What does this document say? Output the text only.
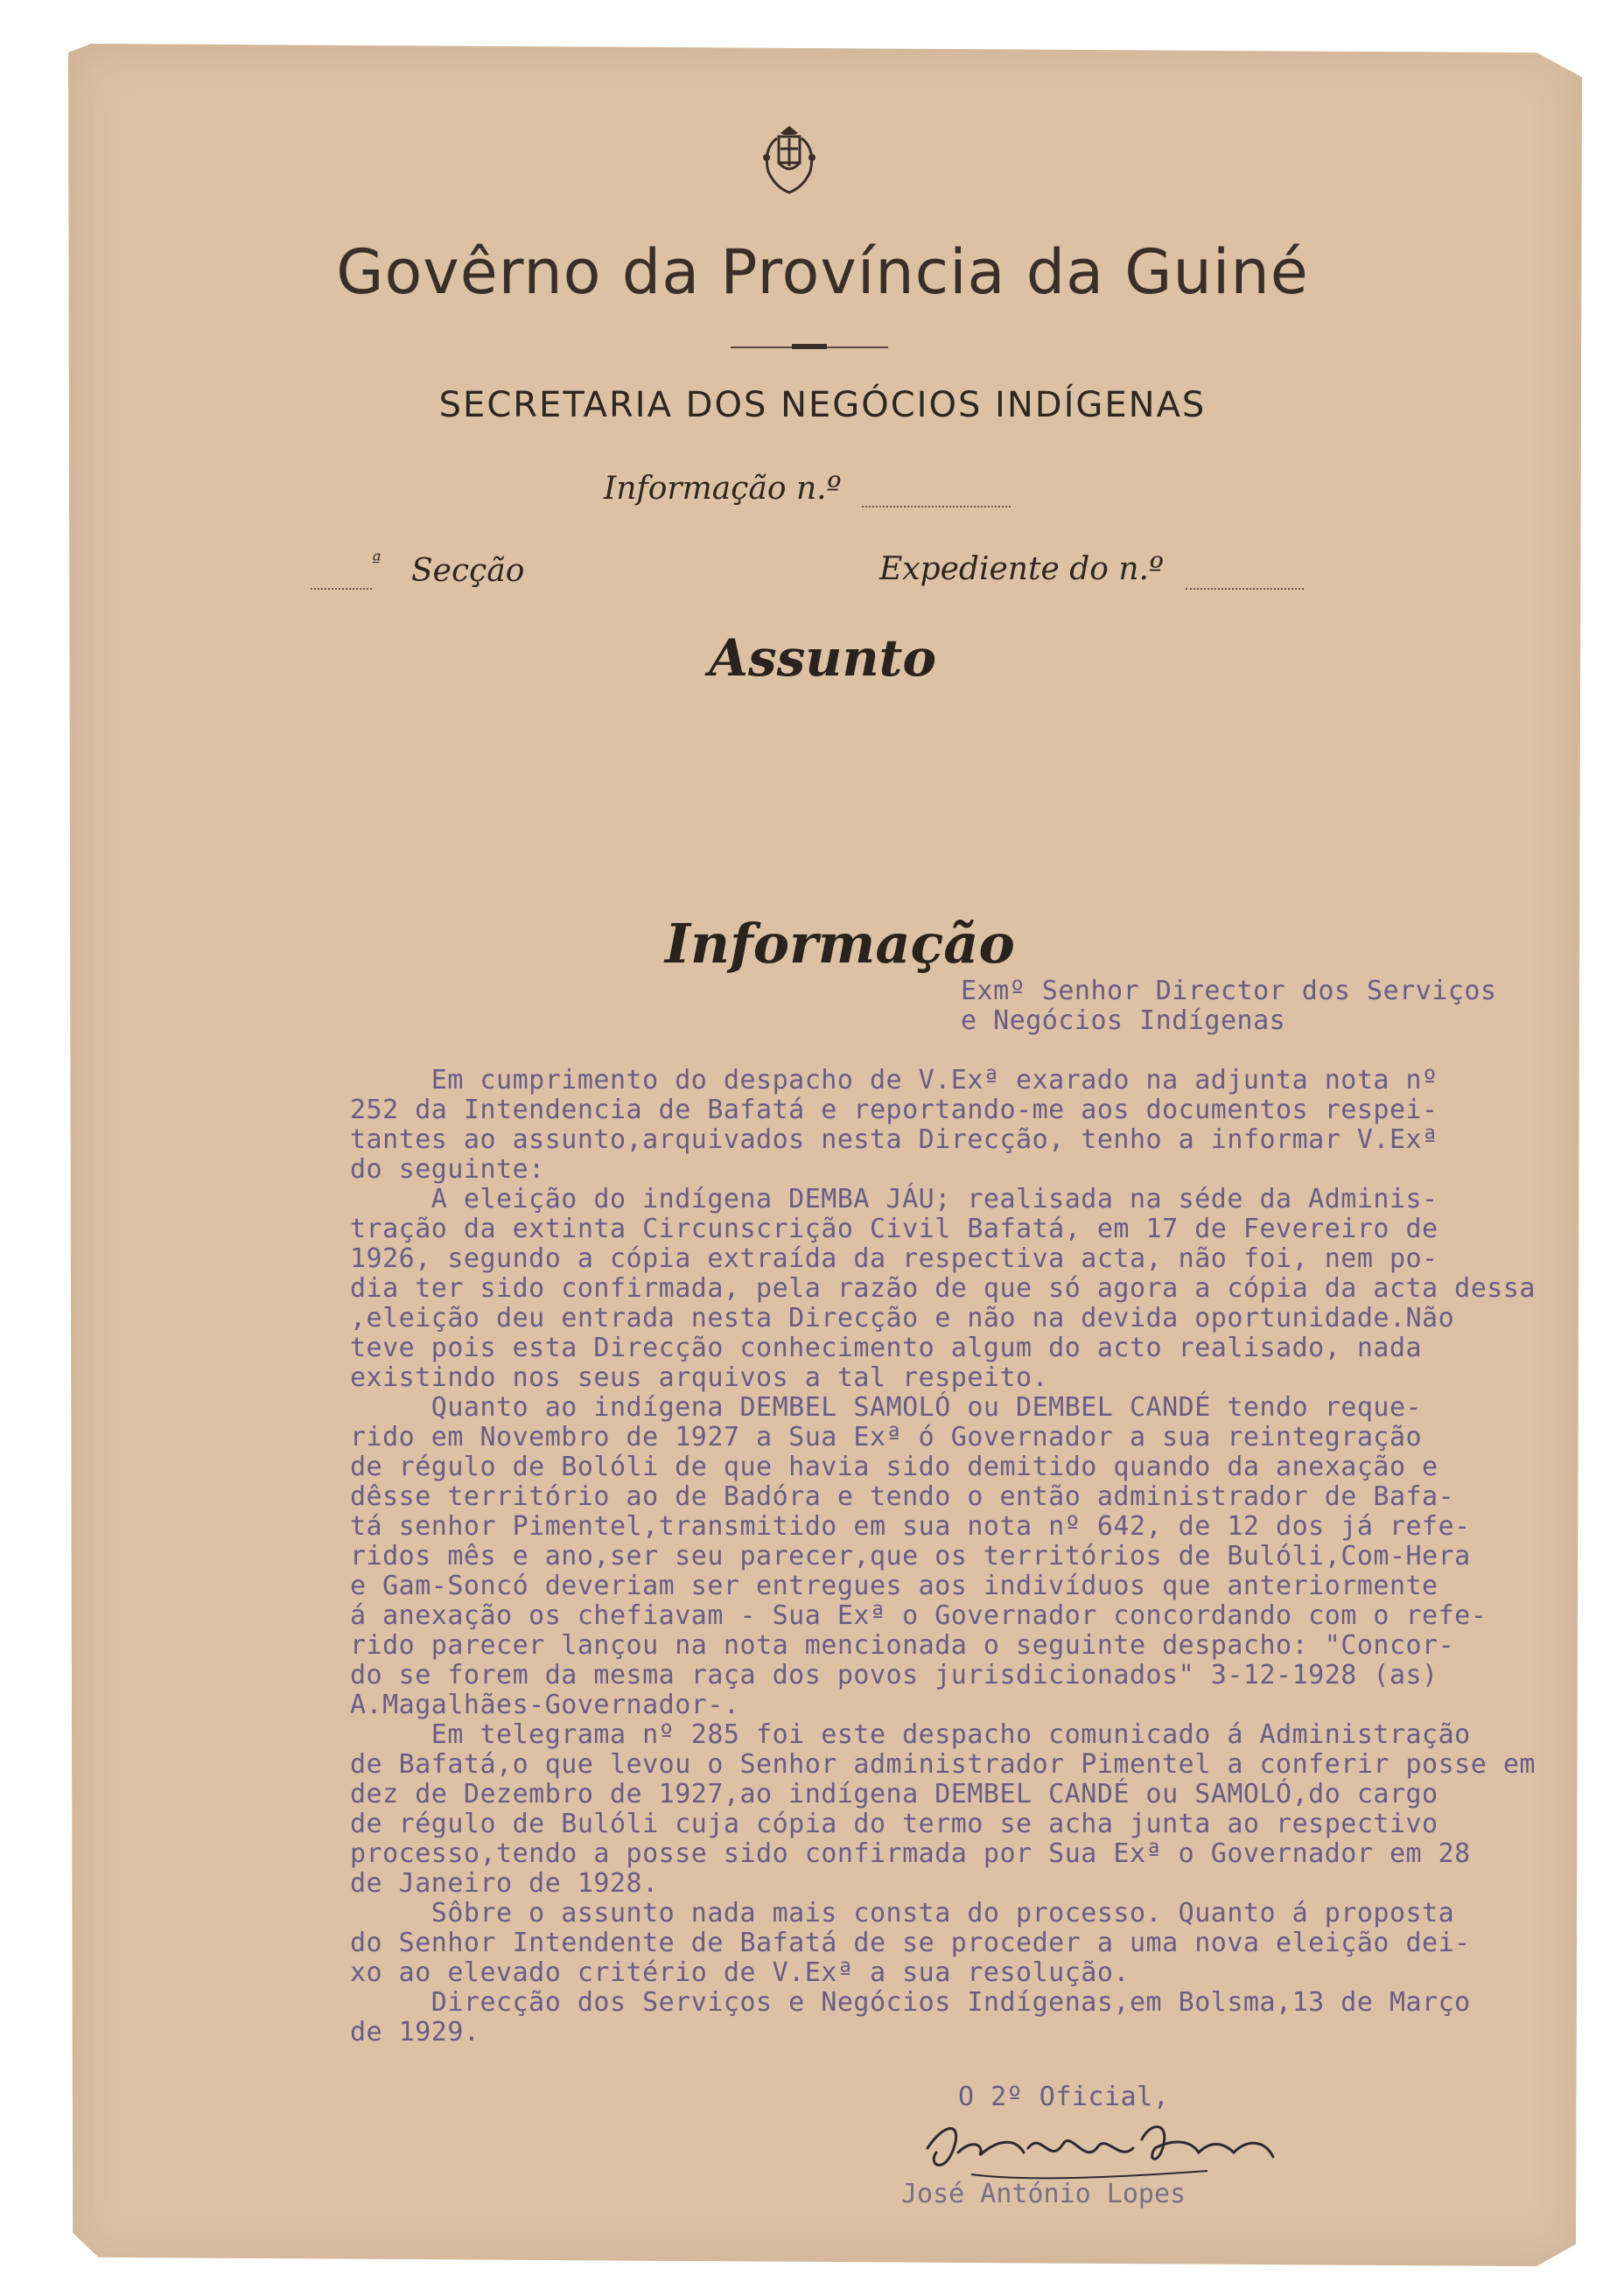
Govêrno da Província da Guiné
SECRETARIA DOS NEGÓCIOS INDÍGENAS
Informação n.º
ª Secção	Expediente do n.º
Assunto
Informação
Exmº Senhor Director dos Serviços
e Negócios Indígenas
Em cumprimento do despacho de V.Exª exarado na adjunta nota nº
252 da Intendencia de Bafatá e reportando-me aos documentos respei-
tantes ao assunto,arquivados nesta Direcção, tenho a informar V.Exª
do seguinte:
A eleição do indígena DEMBA JÁU; realisada na séde da Adminis-
tração da extinta Circunscrição Civil Bafatá, em 17 de Fevereiro de
1926, segundo a cópia extraída da respectiva acta, não foi, nem po-
dia ter sido confirmada, pela razão de que só agora a cópia da acta dessa
,eleição deu entrada nesta Direcção e não na devida oportunidade.Não
teve pois esta Direcção conhecimento algum do acto realisado, nada
existindo nos seus arquivos a tal respeito.
Quanto ao indígena DEMBEL SAMOLÓ ou DEMBEL CANDÉ tendo reque-
rido em Novembro de 1927 a Sua Exª ó Governador a sua reintegração
de régulo de Bolóli de que havia sido demitido quando da anexação e
dêsse território ao de Badóra e tendo o então administrador de Bafa-
tá senhor Pimentel,transmitido em sua nota nº 642, de 12 dos já refe-
ridos mês e ano,ser seu parecer,que os territórios de Bulóli,Com-Hera
e Gam-Soncó deveriam ser entregues aos indivíduos que anteriormente
á anexação os chefiavam - Sua Exª o Governador concordando com o refe-
rido parecer lançou na nota mencionada o seguinte despacho: "Concor-
do se forem da mesma raça dos povos jurisdicionados" 3-12-1928 (as)
A.Magalhães-Governador-.
Em telegrama nº 285 foi este despacho comunicado á Administração
de Bafatá,o que levou o Senhor administrador Pimentel a conferir posse em
dez de Dezembro de 1927,ao indígena DEMBEL CANDÉ ou SAMOLÓ,do cargo
de régulo de Bulóli cuja cópia do termo se acha junta ao respectivo
processo,tendo a posse sido confirmada por Sua Exª o Governador em 28
de Janeiro de 1928.
Sôbre o assunto nada mais consta do processo. Quanto á proposta
do Senhor Intendente de Bafatá de se proceder a uma nova eleição dei-
xo ao elevado critério de V.Exª a sua resolução.
Direcção dos Serviços e Negócios Indígenas,em Bolsma,13 de Março
de 1929.
O 2º Oficial,
José António Lopes
